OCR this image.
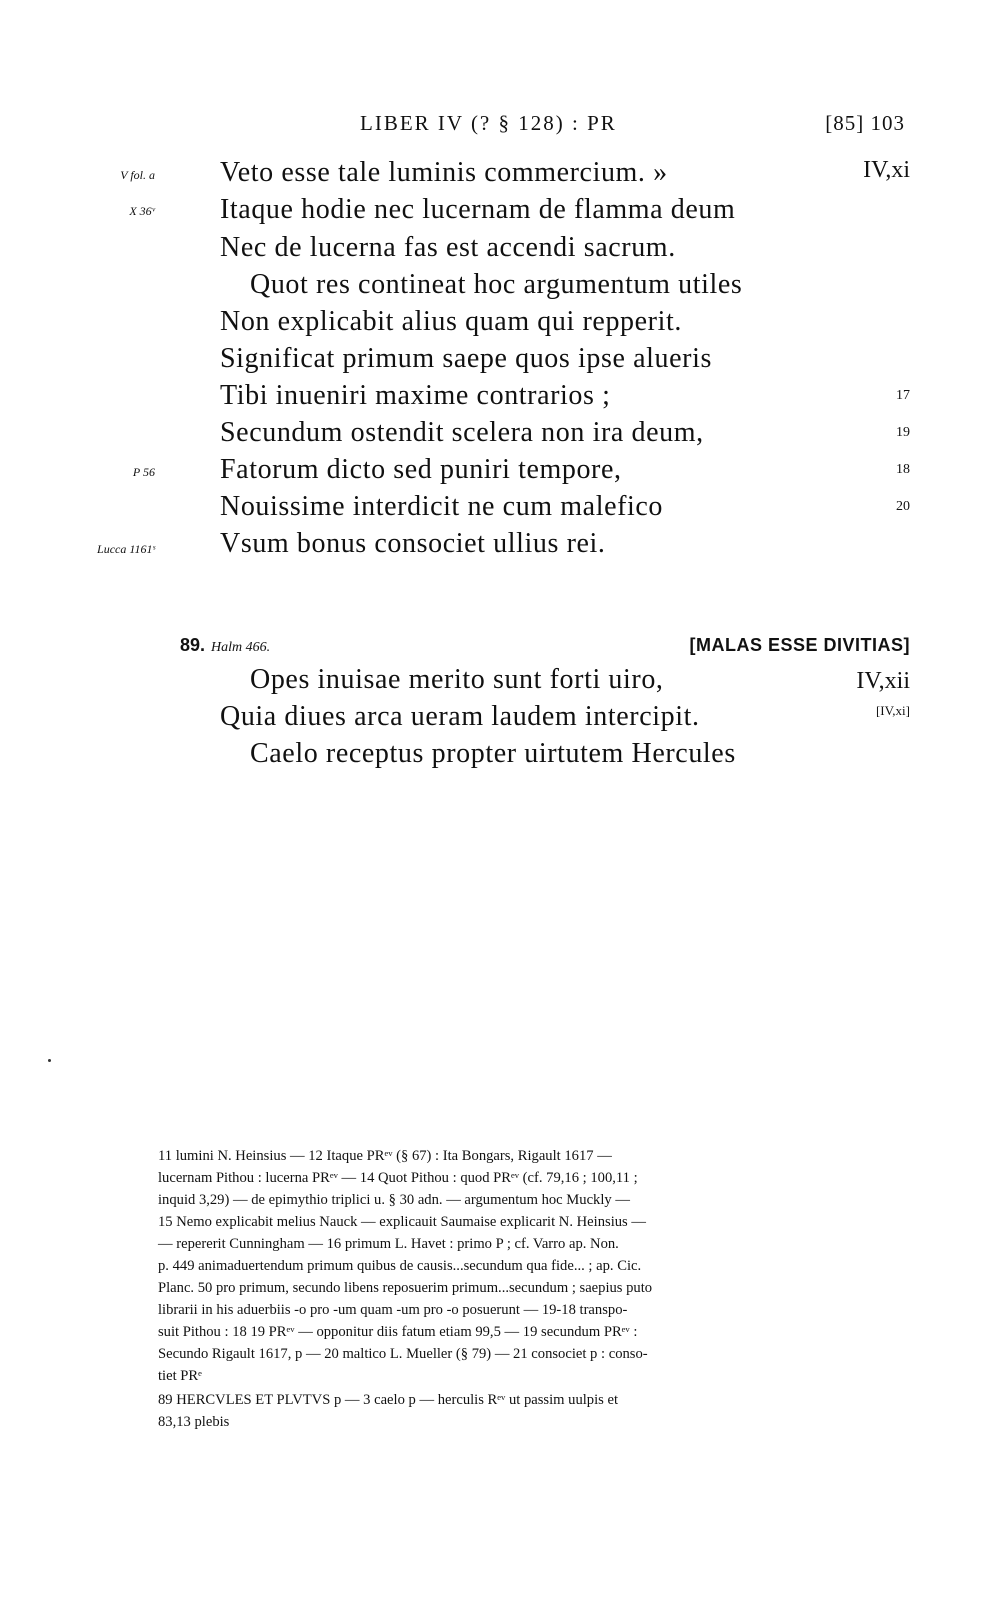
LIBER IV (? § 128) : PR	[85] 103
V fol. a
X 36ᵛ
P 56
Lucca 1161ˢ
Veto esse tale luminis commercium. »
Itaque hodie nec lucernam de flamma deum
Nec de lucerna fas est accendi sacrum.
Quot res contineat hoc argumentum utiles
Non explicabit alius quam qui repperit.
Significat primum saepe quos ipse alueris
Tibi inueniri maxime contrarios ;
Secundum ostendit scelera non ira deum,
Fatorum dicto sed puniri tempore,
Nouissime interdicit ne cum malefico
Vsum bonus consociet ullius rei.
IV,xi
17
19
18
20
89. Halm 466.	[MALAS ESSE DIVITIAS]
Opes inuisae merito sunt forti uiro,
Quia diues arca ueram laudem intercipit.
Caelo receptus propter uirtutem Hercules
IV,xii
[IV,xi]
11 lumini N. Heinsius — 12 Itaque PRᵉᵛ (§ 67) : Ita Bongars, Rigault 1617 —
lucernam Pithou : lucerna PRᵉᵛ — 14 Quot Pithou : quod PRᵉᵛ (cf. 79,16 ; 100,11 ;
inquid 3,29) — de epimythio triplici u. § 30 adn. — argumentum hoc Muckly —
15 Nemo explicabit melius Nauck — explicauit Saumaise explicarit N. Heinsius —
— repererit Cunningham — 16 primum L. Havet : primo P ; cf. Varro ap. Non.
p. 449 animaduertendum primum quibus de causis...secundum qua fide... ; ap. Cic.
Planc. 50 pro primum, secundo libens reposuerim primum...secundum ; saepius puto
librarii in his aduerbiis -o pro -um quam -um pro -o posuerunt — 19-18 transpo-
suit Pithou : 18 19 PRᵉᵛ — opponitur diis fatum etiam 99,5 — 19 secundum PRᵉᵛ :
Secundo Rigault 1617, p — 20 maltico L. Mueller (§ 79) — 21 consociet p : conso-
tiet PRᵉ
89 HERCVLES ET PLVTVS p — 3 caelo p — herculis Rᵉᵛ ut passim uulpis et
83,13 plebis
